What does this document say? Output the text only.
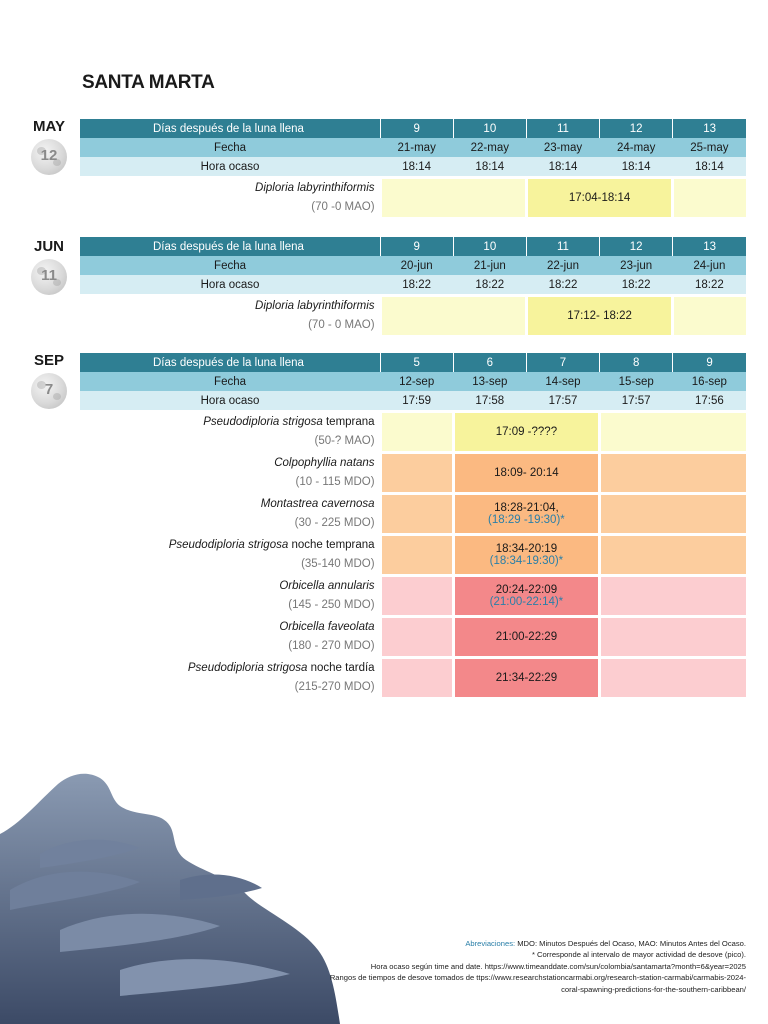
SANTA MARTA
MAY
12
Días después de la luna llena	9	10	11	12	13
Fecha	21-may	22-may	23-may	24-may	25-may
Hora ocaso	18:14	18:14	18:14	18:14	18:14

Diploria labyrinthiformis
(70 -0 MAO)			17:04-18:14		
JUN
11
Días después de la luna llena	9	10	11	12	13
Fecha	20-jun	21-jun	22-jun	23-jun	24-jun
Hora ocaso	18:22	18:22	18:22	18:22	18:22

Diploria labyrinthiformis
(70 - 0 MAO)			17:12- 18:22		
SEP
7
Días después de la luna llena	5	6	7	8	9
Fecha	12-sep	13-sep	14-sep	15-sep	16-sep
Hora ocaso	17:59	17:58	17:57	17:57	17:56

Pseudodiploria strigosa temprana
(50-? MAO)		17:09 -????			

Colpophyllia natans
(10 - 115 MDO)		18:09- 20:14			

Montastrea cavernosa
(30 - 225 MDO)		18:28-21:04,
(18:29 -19:30)*			

Pseudodiploria strigosa noche temprana
(35-140 MDO)		18:34-20:19
(18:34-19:30)*			

Orbicella annularis
(145 - 250 MDO)		20:24-22:09
(21:00-22:14)*			

Orbicella faveolata
(180 - 270 MDO)		21:00-22:29			

Pseudodiploria strigosa noche tardía
(215-270 MDO)		21:34-22:29			
Abreviaciones: MDO: Minutos Después del Ocaso, MAO: Minutos Antes del Ocaso.
* Corresponde al intervalo de mayor actividad de desove (pico).
Hora ocaso según time and date. https://www.timeanddate.com/sun/colombia/santamarta?month=6&year=2025
Rangos de tiempos de desove tomados de ttps://www.researchstationcarmabi.org/research-station-carmabi/carmabis-2024-
coral-spawning-predictions-for-the-southern-caribbean/
